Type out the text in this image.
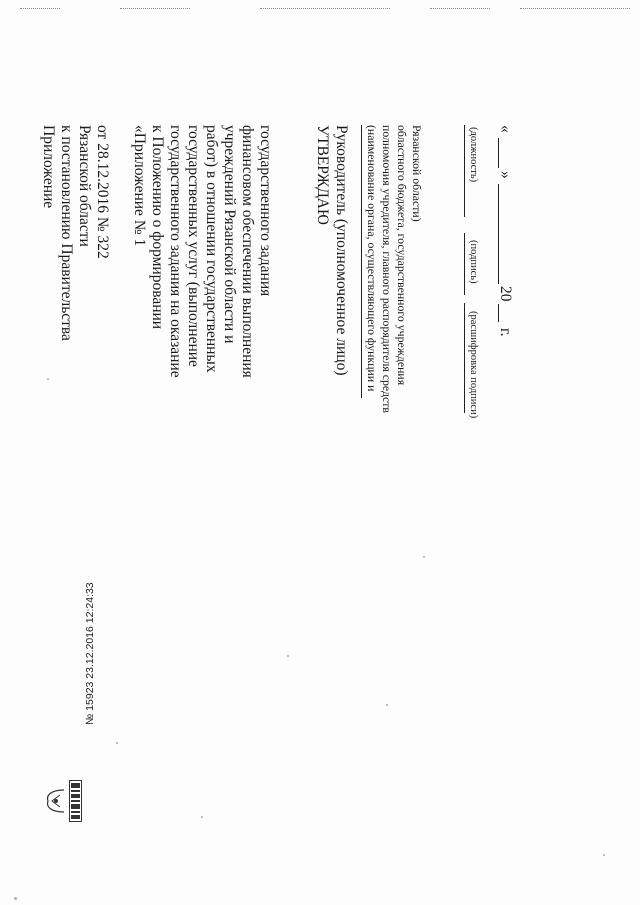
№ 15923 23.12.2016 12:24:33
Приложение к постановлению Правительства Рязанской области от 28.12.2016 № 322 «Приложение № 1 к Положению о формировании государственного задания на оказание государственных услуг (выполнение работ) в отношении государственных учреждений Рязанской области и финансовом обеспечении выполнения государственного задания	УТВЕРЖДАЮ Руководитель (уполномоченное лицо) (наименование органа, осуществляющего функции и полномочия учредителя, главного распорядителя средств областного бюджета, государственного учреждения Рязанской области)	(должность)
(подпись)
(расшифровка подписи)
«
»
20
г.
